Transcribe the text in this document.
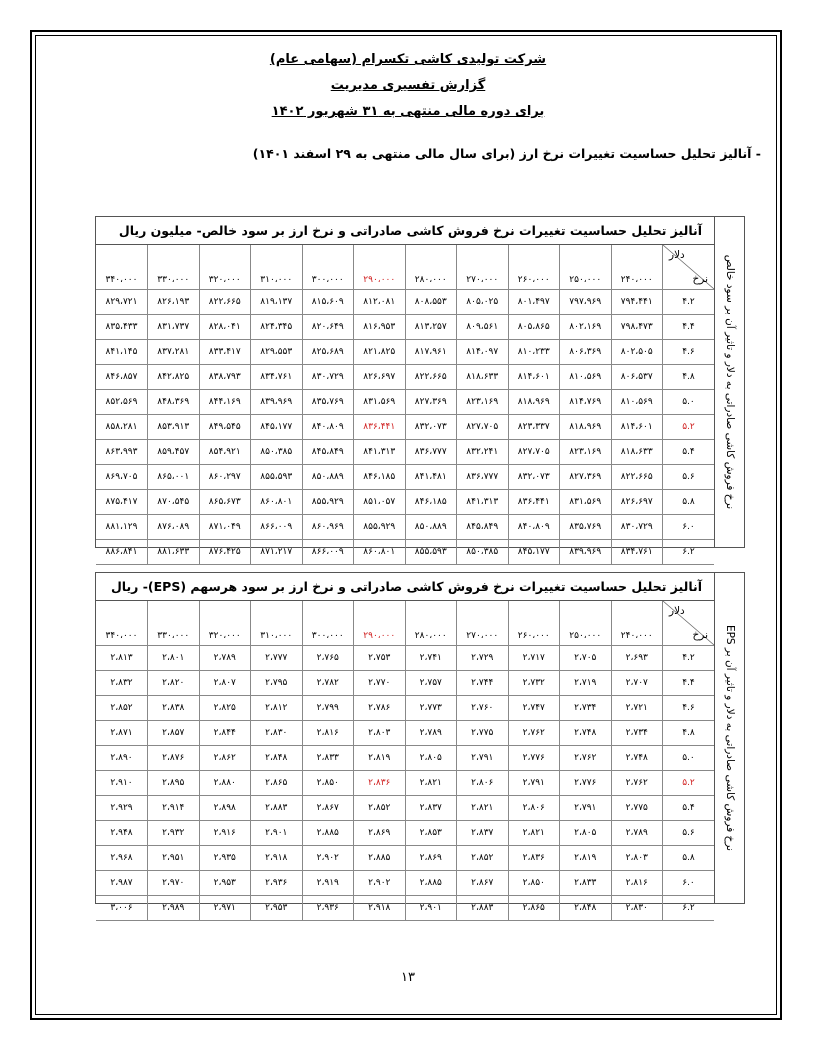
شرکت تولیدی کاشی تکسرام (سهامی عام)
گزارش تفسیری مدیریت
برای دوره مالی منتهی به ۳۱ شهریور ۱۴۰۲
- آنالیز تحلیل حساسیت تغییرات نرخ ارز (برای سال مالی منتهی به ۲۹ اسفند ۱۴۰۱)
نرخ فروش کاشی صادراتی به دلار و تاثیر آن بر سود خالص
آنالیز تحلیل حساسیت تغییرات نرخ فروش کاشی صادراتی و نرخ ارز بر سود خالص- میلیون ریال
دلار
نرخ	۲۴۰،۰۰۰	۲۵۰،۰۰۰	۲۶۰،۰۰۰	۲۷۰،۰۰۰	۲۸۰،۰۰۰	۲۹۰،۰۰۰	۳۰۰،۰۰۰	۳۱۰،۰۰۰	۳۲۰،۰۰۰	۳۳۰،۰۰۰	۳۴۰،۰۰۰
۴.۲	۷۹۴،۴۴۱	۷۹۷،۹۶۹	۸۰۱،۴۹۷	۸۰۵،۰۲۵	۸۰۸،۵۵۳	۸۱۲،۰۸۱	۸۱۵،۶۰۹	۸۱۹،۱۳۷	۸۲۲،۶۶۵	۸۲۶،۱۹۳	۸۲۹،۷۲۱
۴.۴	۷۹۸،۴۷۳	۸۰۲،۱۶۹	۸۰۵،۸۶۵	۸۰۹،۵۶۱	۸۱۳،۲۵۷	۸۱۶،۹۵۳	۸۲۰،۶۴۹	۸۲۴،۳۴۵	۸۲۸،۰۴۱	۸۳۱،۷۳۷	۸۳۵،۴۳۳
۴.۶	۸۰۲،۵۰۵	۸۰۶،۳۶۹	۸۱۰،۲۳۳	۸۱۴،۰۹۷	۸۱۷،۹۶۱	۸۲۱،۸۲۵	۸۲۵،۶۸۹	۸۲۹،۵۵۳	۸۳۳،۴۱۷	۸۳۷،۲۸۱	۸۴۱،۱۴۵
۴.۸	۸۰۶،۵۳۷	۸۱۰،۵۶۹	۸۱۴،۶۰۱	۸۱۸،۶۳۳	۸۲۲،۶۶۵	۸۲۶،۶۹۷	۸۳۰،۷۲۹	۸۳۴،۷۶۱	۸۳۸،۷۹۳	۸۴۲،۸۲۵	۸۴۶،۸۵۷
۵.۰	۸۱۰،۵۶۹	۸۱۴،۷۶۹	۸۱۸،۹۶۹	۸۲۳،۱۶۹	۸۲۷،۳۶۹	۸۳۱،۵۶۹	۸۳۵،۷۶۹	۸۳۹،۹۶۹	۸۴۴،۱۶۹	۸۴۸،۳۶۹	۸۵۲،۵۶۹
۵.۲	۸۱۴،۶۰۱	۸۱۸،۹۶۹	۸۲۳،۳۳۷	۸۲۷،۷۰۵	۸۳۲،۰۷۳	۸۳۶،۴۴۱	۸۴۰،۸۰۹	۸۴۵،۱۷۷	۸۴۹،۵۴۵	۸۵۳،۹۱۳	۸۵۸،۲۸۱
۵.۴	۸۱۸،۶۳۳	۸۲۳،۱۶۹	۸۲۷،۷۰۵	۸۳۲،۲۴۱	۸۳۶،۷۷۷	۸۴۱،۳۱۳	۸۴۵،۸۴۹	۸۵۰،۳۸۵	۸۵۴،۹۲۱	۸۵۹،۴۵۷	۸۶۳،۹۹۳
۵.۶	۸۲۲،۶۶۵	۸۲۷،۳۶۹	۸۳۲،۰۷۳	۸۳۶،۷۷۷	۸۴۱،۴۸۱	۸۴۶،۱۸۵	۸۵۰،۸۸۹	۸۵۵،۵۹۳	۸۶۰،۲۹۷	۸۶۵،۰۰۱	۸۶۹،۷۰۵
۵.۸	۸۲۶،۶۹۷	۸۳۱،۵۶۹	۸۳۶،۴۴۱	۸۴۱،۳۱۳	۸۴۶،۱۸۵	۸۵۱،۰۵۷	۸۵۵،۹۲۹	۸۶۰،۸۰۱	۸۶۵،۶۷۳	۸۷۰،۵۴۵	۸۷۵،۴۱۷
۶.۰	۸۳۰،۷۲۹	۸۳۵،۷۶۹	۸۴۰،۸۰۹	۸۴۵،۸۴۹	۸۵۰،۸۸۹	۸۵۵،۹۲۹	۸۶۰،۹۶۹	۸۶۶،۰۰۹	۸۷۱،۰۴۹	۸۷۶،۰۸۹	۸۸۱،۱۲۹
۶.۲	۸۳۴،۷۶۱	۸۳۹،۹۶۹	۸۴۵،۱۷۷	۸۵۰،۳۸۵	۸۵۵،۵۹۳	۸۶۰،۸۰۱	۸۶۶،۰۰۹	۸۷۱،۲۱۷	۸۷۶،۴۲۵	۸۸۱،۶۳۳	۸۸۶،۸۴۱
نرخ فروش کاشی صادراتی به دلار و تاثیر آن بر EPS
آنالیز تحلیل حساسیت تغییرات نرخ فروش کاشی صادراتی و نرخ ارز بر سود هرسهم (EPS)- ریال
دلار
نرخ	۲۴۰،۰۰۰	۲۵۰،۰۰۰	۲۶۰،۰۰۰	۲۷۰،۰۰۰	۲۸۰،۰۰۰	۲۹۰،۰۰۰	۳۰۰،۰۰۰	۳۱۰،۰۰۰	۳۲۰،۰۰۰	۳۳۰،۰۰۰	۳۴۰،۰۰۰
۴.۲	۲،۶۹۳	۲،۷۰۵	۲،۷۱۷	۲،۷۲۹	۲،۷۴۱	۲،۷۵۳	۲،۷۶۵	۲،۷۷۷	۲،۷۸۹	۲،۸۰۱	۲،۸۱۳
۴.۴	۲،۷۰۷	۲،۷۱۹	۲،۷۳۲	۲،۷۴۴	۲،۷۵۷	۲،۷۷۰	۲،۷۸۲	۲،۷۹۵	۲،۸۰۷	۲،۸۲۰	۲،۸۳۲
۴.۶	۲،۷۲۱	۲،۷۳۴	۲،۷۴۷	۲،۷۶۰	۲،۷۷۳	۲،۷۸۶	۲،۷۹۹	۲،۸۱۲	۲،۸۲۵	۲،۸۳۸	۲،۸۵۲
۴.۸	۲،۷۳۴	۲،۷۴۸	۲،۷۶۲	۲،۷۷۵	۲،۷۸۹	۲،۸۰۳	۲،۸۱۶	۲،۸۳۰	۲،۸۴۴	۲،۸۵۷	۲،۸۷۱
۵.۰	۲،۷۴۸	۲،۷۶۲	۲،۷۷۶	۲،۷۹۱	۲،۸۰۵	۲،۸۱۹	۲،۸۳۳	۲،۸۴۸	۲،۸۶۲	۲،۸۷۶	۲،۸۹۰
۵.۲	۲،۷۶۲	۲،۷۷۶	۲،۷۹۱	۲،۸۰۶	۲،۸۲۱	۲،۸۳۶	۲،۸۵۰	۲،۸۶۵	۲،۸۸۰	۲،۸۹۵	۲،۹۱۰
۵.۴	۲،۷۷۵	۲،۷۹۱	۲،۸۰۶	۲،۸۲۱	۲،۸۳۷	۲،۸۵۲	۲،۸۶۷	۲،۸۸۳	۲،۸۹۸	۲،۹۱۴	۲،۹۲۹
۵.۶	۲،۷۸۹	۲،۸۰۵	۲،۸۲۱	۲،۸۳۷	۲،۸۵۳	۲،۸۶۹	۲،۸۸۵	۲،۹۰۱	۲،۹۱۶	۲،۹۳۲	۲،۹۴۸
۵.۸	۲،۸۰۳	۲،۸۱۹	۲،۸۳۶	۲،۸۵۲	۲،۸۶۹	۲،۸۸۵	۲،۹۰۲	۲،۹۱۸	۲،۹۳۵	۲،۹۵۱	۲،۹۶۸
۶.۰	۲،۸۱۶	۲،۸۳۳	۲،۸۵۰	۲،۸۶۷	۲،۸۸۵	۲،۹۰۲	۲،۹۱۹	۲،۹۳۶	۲،۹۵۳	۲،۹۷۰	۲،۹۸۷
۶.۲	۲،۸۳۰	۲،۸۴۸	۲،۸۶۵	۲،۸۸۳	۲،۹۰۱	۲،۹۱۸	۲،۹۳۶	۲،۹۵۳	۲،۹۷۱	۲،۹۸۹	۳،۰۰۶
۱۳
